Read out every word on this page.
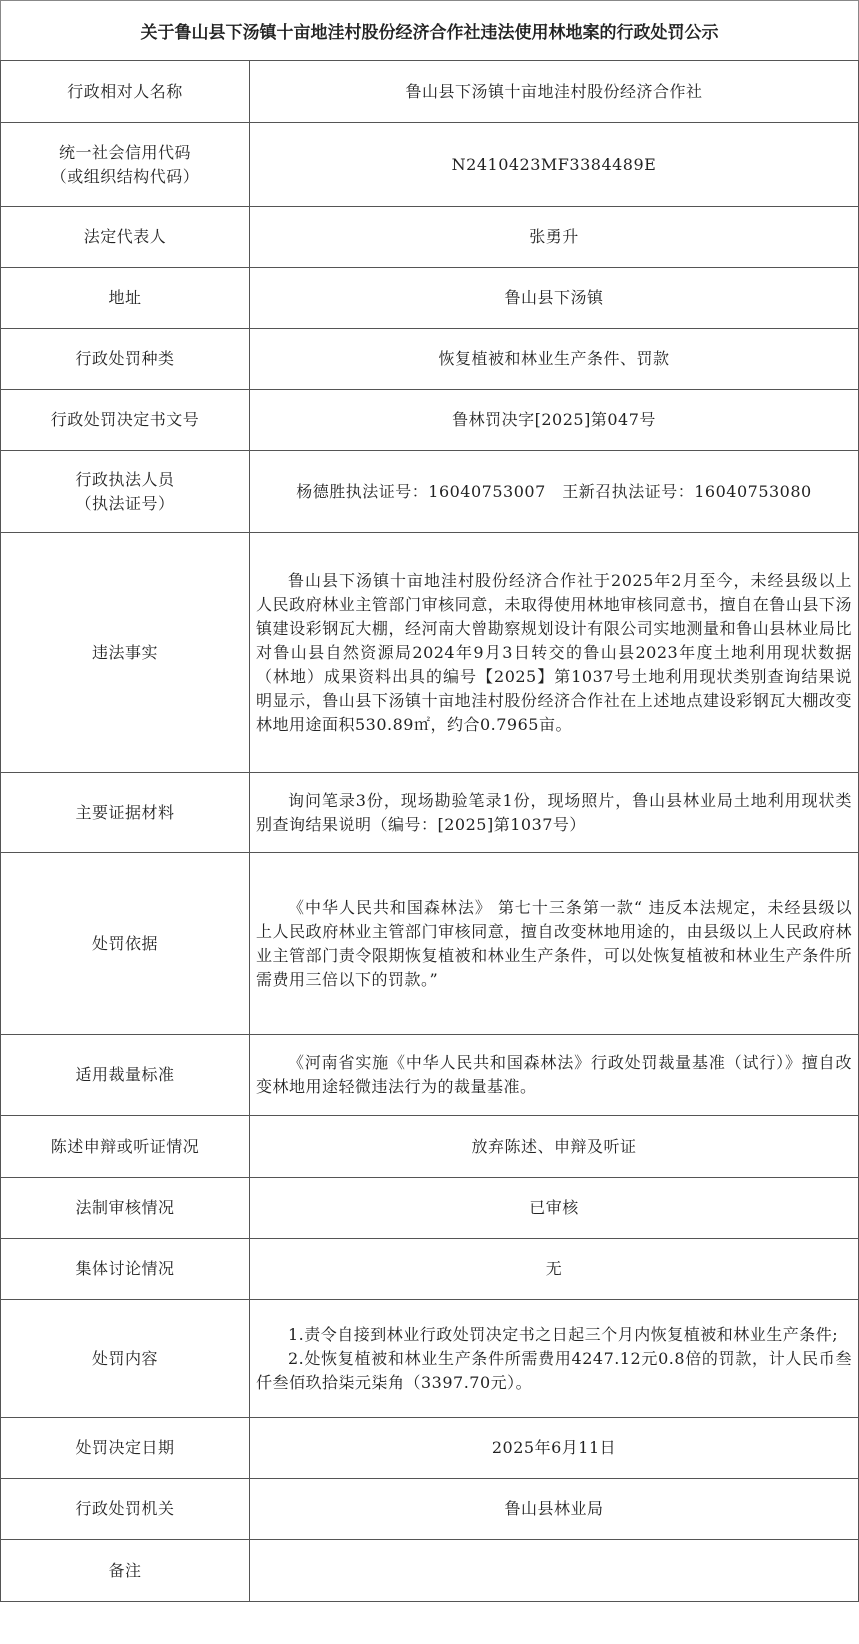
关于鲁山县下汤镇十亩地洼村股份经济合作社违法使用林地案的行政处罚公示
行政相对人名称	鲁山县下汤镇十亩地洼村股份经济合作社

统一社会信用代码
（或组织结构代码）	N2410423MF3384489E
法定代表人	张勇升
地址	鲁山县下汤镇
行政处罚种类	恢复植被和林业生产条件、罚款
行政处罚决定书文号	鲁林罚决字[2025]第047号

行政执法人员
（执法证号）	杨德胜执法证号：16040753007　王新召执法证号：16040753080
违法事实	鲁山县下汤镇十亩地洼村股份经济合作社于2025年2月至今，未经县级以上人民政府林业主管部门审核同意，未取得使用林地审核同意书，擅自在鲁山县下汤镇建设彩钢瓦大棚，经河南大曾勘察规划设计有限公司实地测量和鲁山县林业局比对鲁山县自然资源局2024年9月3日转交的鲁山县2023年度土地利用现状数据（林地）成果资料出具的编号【2025】第1037号土地利用现状类别查询结果说明显示，鲁山县下汤镇十亩地洼村股份经济合作社在上述地点建设彩钢瓦大棚改变林地用途面积530.89㎡，约合0.7965亩。

主要证据材料	询问笔录3份，现场勘验笔录1份，现场照片，鲁山县林业局土地利用现状类别查询结果说明（编号：[2025]第1037号）

处罚依据	《中华人民共和国森林法》 第七十三条第一款“ 违反本法规定，未经县级以上人民政府林业主管部门审核同意，擅自改变林地用途的，由县级以上人民政府林业主管部门责令限期恢复植被和林业生产条件，可以处恢复植被和林业生产条件所需费用三倍以下的罚款。”

适用裁量标准	《河南省实施《中华人民共和国森林法》行政处罚裁量基准（试行）》擅自改变林地用途轻微违法行为的裁量基准。

陈述申辩或听证情况	放弃陈述、申辩及听证
法制审核情况	已审核
集体讨论情况	无
处罚内容	1.责令自接到林业行政处罚决定书之日起三个月内恢复植被和林业生产条件;
2.处恢复植被和林业生产条件所需费用4247.12元0.8倍的罚款，计人民币叁仟叁佰玖拾柒元柒角（3397.70元）。

处罚决定日期	2025年6月11日
行政处罚机关	鲁山县林业局
备注	
